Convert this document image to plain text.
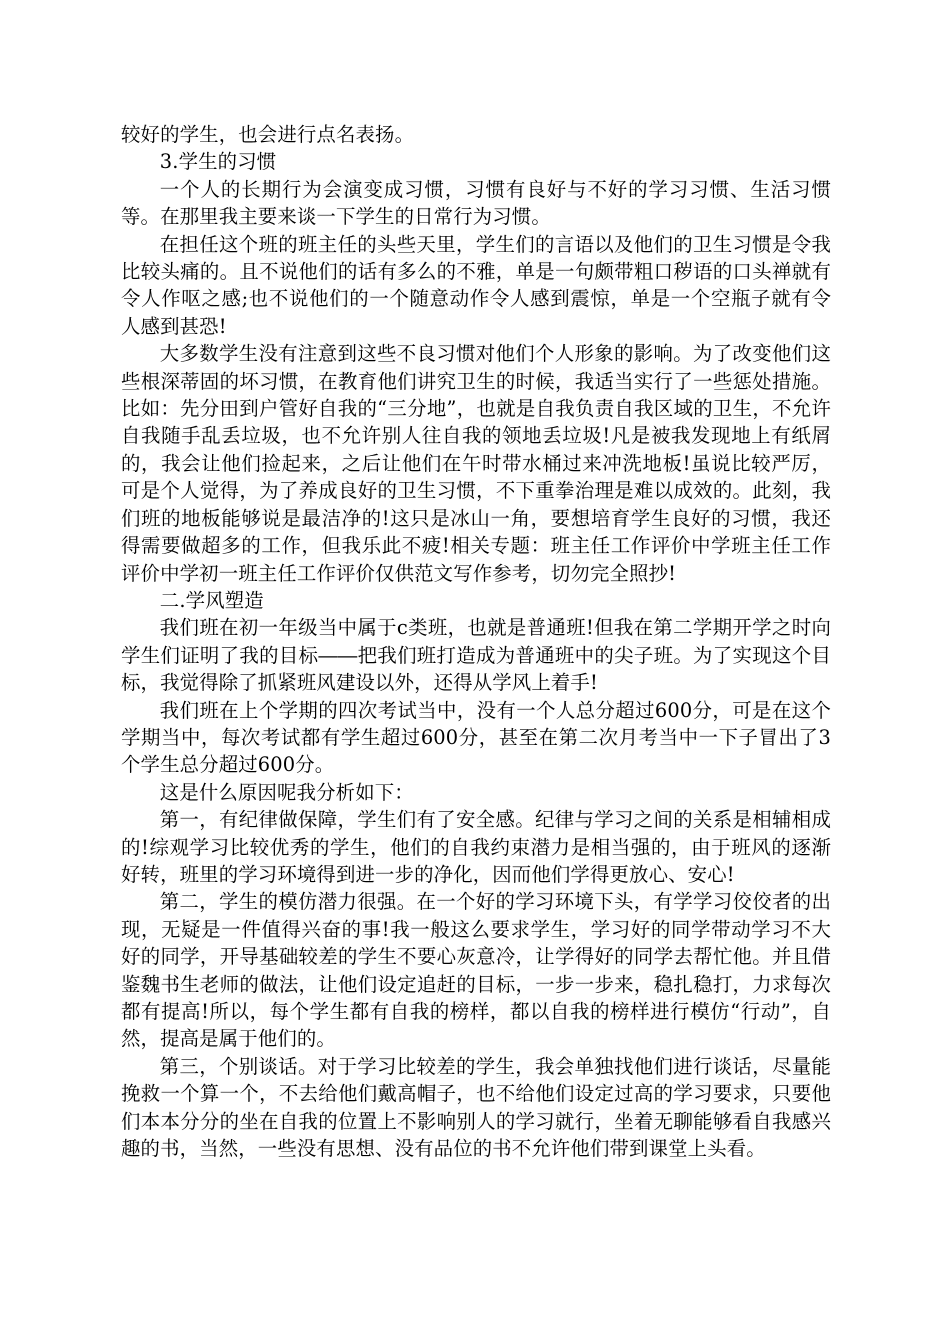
较好的学生，也会进行点名表扬。

3.学生的习惯

一个人的长期行为会演变成习惯，习惯有良好与不好的学习习惯、生活习惯等。在那里我主要来谈一下学生的日常行为习惯。

在担任这个班的班主任的头些天里，学生们的言语以及他们的卫生习惯是令我比较头痛的。且不说他们的话有多么的不雅，单是一句颇带粗口秽语的口头禅就有令人作呕之感;也不说他们的一个随意动作令人感到震惊，单是一个空瓶子就有令人感到甚恐!

大多数学生没有注意到这些不良习惯对他们个人形象的影响。为了改变他们这些根深蒂固的坏习惯，在教育他们讲究卫生的时候，我适当实行了一些惩处措施。比如：先分田到户管好自我的“三分地”，也就是自我负责自我区域的卫生，不允许自我随手乱丢垃圾，也不允许别人往自我的领地丢垃圾!凡是被我发现地上有纸屑的，我会让他们捡起来，之后让他们在午时带水桶过来冲洗地板!虽说比较严厉，可是个人觉得，为了养成良好的卫生习惯，不下重拳治理是难以成效的。此刻，我们班的地板能够说是最洁净的!这只是冰山一角，要想培育学生良好的习惯，我还得需要做超多的工作，但我乐此不疲!相关专题：班主任工作评价中学班主任工作评价中学初一班主任工作评价仅供范文写作参考，切勿完全照抄!

二.学风塑造

我们班在初一年级当中属于c类班，也就是普通班!但我在第二学期开学之时向学生们证明了我的目标――把我们班打造成为普通班中的尖子班。为了实现这个目标，我觉得除了抓紧班风建设以外，还得从学风上着手!

我们班在上个学期的四次考试当中，没有一个人总分超过600分，可是在这个学期当中，每次考试都有学生超过600分，甚至在第二次月考当中一下子冒出了3个学生总分超过600分。

这是什么原因呢我分析如下：

第一，有纪律做保障，学生们有了安全感。纪律与学习之间的关系是相辅相成的!综观学习比较优秀的学生，他们的自我约束潜力是相当强的，由于班风的逐渐好转，班里的学习环境得到进一步的净化，因而他们学得更放心、安心!

第二，学生的模仿潜力很强。在一个好的学习环境下头，有学学习佼佼者的出现，无疑是一件值得兴奋的事!我一般这么要求学生，学习好的同学带动学习不大好的同学，开导基础较差的学生不要心灰意冷，让学得好的同学去帮忙他。并且借鉴魏书生老师的做法，让他们设定追赶的目标，一步一步来，稳扎稳打，力求每次都有提高!所以，每个学生都有自我的榜样，都以自我的榜样进行模仿“行动”，自然，提高是属于他们的。

第三，个别谈话。对于学习比较差的学生，我会单独找他们进行谈话，尽量能挽救一个算一个，不去给他们戴高帽子，也不给他们设定过高的学习要求，只要他们本本分分的坐在自我的位置上不影响别人的学习就行，坐着无聊能够看自我感兴趣的书，当然，一些没有思想、没有品位的书不允许他们带到课堂上头看。
